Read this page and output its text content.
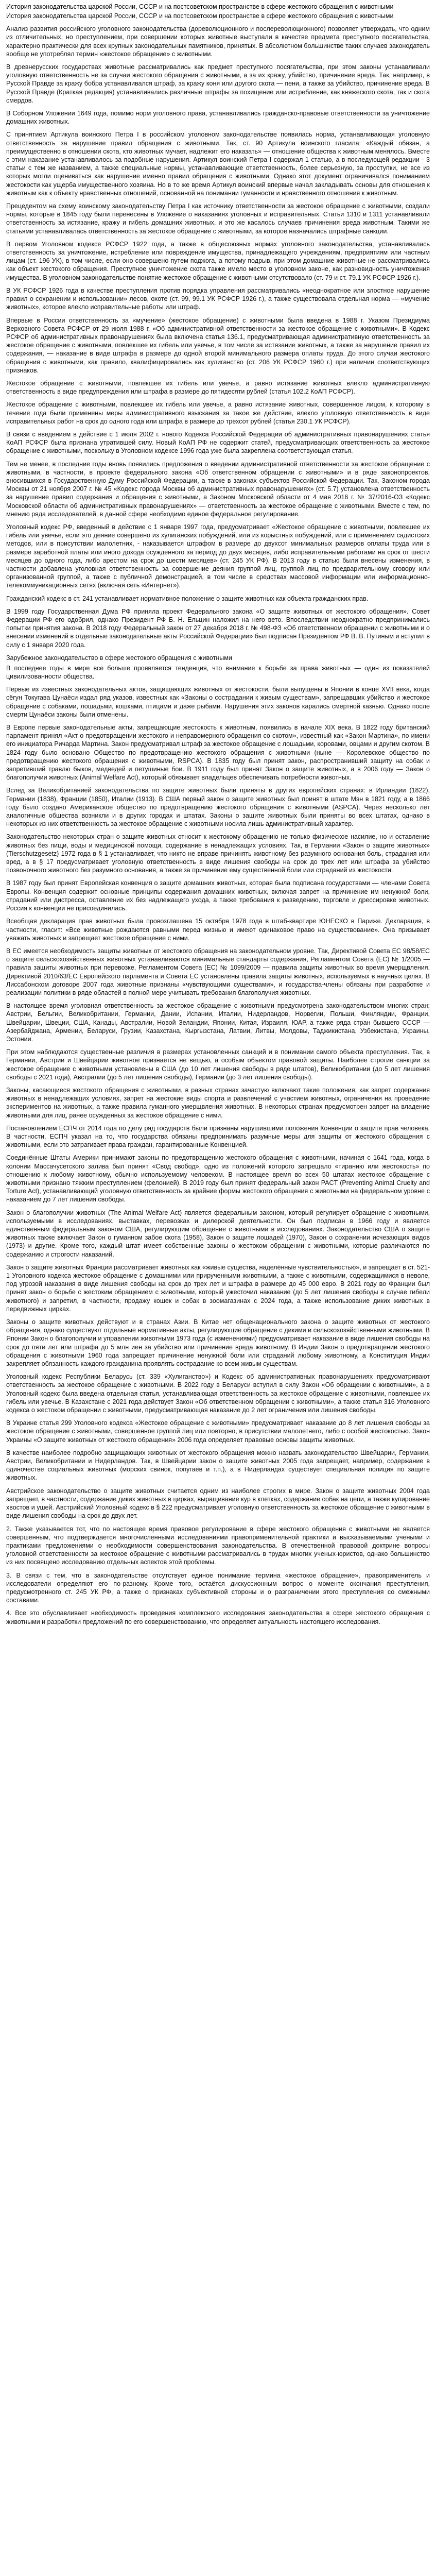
История законодательства царской России, СССР и на постсоветском пространстве в сфере жестокого обращения с животными

История законодательства царской России, СССР и на постсоветском пространстве в сфере жестокого обращения с животными

Анализ развития российского уголовного законодательства (дореволюционного и послереволюционного) позволяет утверждать, что одним из отличительных, но преступлением, при совершении которых животные выступали в качестве предмета преступного посягательства, характерно практически для всех крупных законодательных памятников, принятых. В абсолютном большинстве таких случаев законодатель вообще не употреблял термин «жестокое обращение» с животными.

В древнерусских государствах животные рассматривались как предмет преступного посягательства, при этом законы устанавливали уголовную ответственность не за случаи жестокого обращения с животными, а за их кражу, убийство, причинение вреда. Так, например, в Русской Правде за кражу бобра устанавливался штраф, за кражу коня или другого скота — пени, а также за убийство, причинение вреда. В Русской Правде (Краткая редакция) устанавливались различные штрафы за похищение или истребление, как княжеского скота, так и скота смердов.

В Соборном Уложении 1649 года, помимо норм уголовного права, устанавливались гражданско-правовые ответственности за уничтожение домашних животных.

С принятием Артикула воинского Петра I в российском уголовном законодательстве появилась норма, устанавливающая уголовную ответственность за нарушение правил обращения с животными. Так, ст. 90 Артикула воинского гласила: «Каждый обязан, а преимущественно в отношении скота, кто животных мучает, надлежит его наказать» — отношение общества к животным менялось. Вместе с этим наказание устанавливалось за подобные нарушения. Артикул воинский Петра I содержал 1 статью, а в последующей редакции - 3 статьи с тем же названием, а также специальные нормы, устанавливающие ответственность, более серьезную, за проступки, не все из которых могли оцениваться как нарушение именно правил обращения с животными. Однако этот документ ограничивался пониманием жестокости как ущерба имущественного хозяина. Но в то же время Артикул воинский впервые начал закладывать основы для отношения к животным как к объекту нравственных отношений, основанной на понимании гуманности и нравственного отношения к животным.

Прецедентом на схему воинскому законодательству Петра I как источнику ответственности за жестокое обращение с животными, создали нормы, которые в 1845 году были перенесены в Уложение о наказаниях уголовных и исправительных. Статьи 1310 и 1311 устанавливали ответственность за истязание, кражу и гибель домашних животных, и это же касалось случаев причинения вреда животным. Такими же статьями устанавливалась ответственность за жестокое обращение с животными, за которое назначались штрафные санкции.

В первом Уголовном кодексе РСФСР 1922 года, а также в общесоюзных нормах уголовного законодательства, устанавливалась ответственность за уничтожение, истребление или повреждение имущества, принадлежащего учреждениям, предприятиям или частным лицам (ст. 196 УК), в том числе, если оно совершено путем поджога, а потому подрыв, при этом домашние животные не рассматривались как объект жестокого обращения. Преступное уничтожение скота также имело место в уголовном законе, как разновидность уничтожения имущества. В уголовном законодательстве понятие жестокое обращение с животными отсутствовало (ст. 79 и ст. 79.1 УК РСФСР 1926 г.).

В УК РСФСР 1926 года в качестве преступления против порядка управления рассматривались «неоднократное или злостное нарушение правил о сохранении и использовании» лесов, охоте (ст. 99, 99.1 УК РСФСР 1926 г.), а также существовала отдельная норма — «мучение животных», которое влекло исправительные работы или штраф.

Впервые в России ответственность за «мучение» (жестокое обращение) с животными была введена в 1988 г. Указом Президиума Верховного Совета РСФСР от 29 июля 1988 г. «Об административной ответственности за жестокое обращение с животными». В Кодекс РСФСР об административных правонарушениях была включена статья 136.1, предусматривающая административную ответственность за жестокое обращение с животными, повлекшее их гибель или увечье, в том числе за истязание животных, а также за нарушение правил их содержания, — наказание в виде штрафа в размере до одной второй минимального размера оплаты труда. До этого случаи жестокого обращения с животными, как правило, квалифицировались как хулиганство (ст. 206 УК РСФСР 1960 г.) при наличии соответствующих признаков.

Жестокое обращение с животными, повлекшее их гибель или увечье, а равно истязание животных влекло административную ответственность в виде предупреждения или штрафа в размере до пятидесяти рублей (статья 102.2 КоАП РСФСР).

Жестокое обращение с животными, повлекшее их гибель или увечье, а равно истязание животных, совершенное лицом, к которому в течение года были применены меры административного взыскания за такое же действие, влекло уголовную ответственность в виде исправительных работ на срок до одного года или штрафа в размере до трехсот рублей (статья 230.1 УК РСФСР).

В связи с введением в действие с 1 июля 2002 г. нового Кодекса Российской Федерации об административных правонарушениях статья КоАП РСФСР была признана утратившей силу. Новый КоАП РФ не содержит статей, предусматривающих ответственность за жестокое обращение с животными, поскольку в Уголовном кодексе 1996 года уже была закреплена соответствующая статья.

Тем не менее, в последние годы вновь появились предложения о введении административной ответственности за жестокое обращение с животными, в частности, в проекте федерального закона «Об ответственном обращении с животными» и в ряде законопроектов, вносившихся в Государственную Думу Российской Федерации, а также в законах субъектов Российской Федерации. Так, Законом города Москвы от 21 ноября 2007 г. № 45 «Кодекс города Москвы об административных правонарушениях» (ст. 5.7) установлена ответственность за нарушение правил содержания и обращения с животными, а Законом Московской области от 4 мая 2016 г. № 37/2016-ОЗ «Кодекс Московской области об административных правонарушениях» — ответственность за жестокое обращение с животными. Вместе с тем, по мнению ряда исследователей, в данной сфере необходимо единое федеральное регулирование.

Уголовный кодекс РФ, введенный в действие с 1 января 1997 года, предусматривает «Жестокое обращение с животными, повлекшее их гибель или увечье, если это деяние совершено из хулиганских побуждений, или из корыстных побуждений, или с применением садистских методов, или в присутствии малолетних, - наказывается штрафом в размере до двухсот минимальных размеров оплаты труда или в размере заработной платы или иного дохода осужденного за период до двух месяцев, либо исправительными работами на срок от шести месяцев до одного года, либо арестом на срок до шести месяцев» (ст. 245 УК РФ). В 2013 году в статью были внесены изменения, в частности добавлена уголовная ответственность за совершение деяния группой лиц, группой лиц по предварительному сговору или организованной группой, а также с публичной демонстрацией, в том числе в средствах массовой информации или информационно-телекоммуникационных сетях (включая сеть «Интернет»).

Гражданский кодекс в ст. 241 устанавливает нормативное положение о защите животных как объекта гражданских прав.

В 1999 году Государственная Дума РФ приняла проект Федерального закона «О защите животных от жестокого обращения». Совет Федерации РФ его одобрил, однако Президент РФ Б. Н. Ельцин наложил на него вето. Впоследствии неоднократно предпринимались попытки принятия закона. В 2018 году Федеральный закон от 27 декабря 2018 г. № 498-ФЗ «Об ответственном обращении с животными и о внесении изменений в отдельные законодательные акты Российской Федерации» был подписан Президентом РФ В. В. Путиным и вступил в силу с 1 января 2020 года.

Зарубежное законодательство в сфере жестокого обращения с животными

В последнее годы в мире все больше проявляется тенденция, что внимание к борьбе за права животных — один из показателей цивилизованности общества.

Первые из известных законодательных актов, защищающих животных от жестокости, были выпущены в Японии в конце XVII века, когда сёгун Токугава Цунаёси издал ряд указов, известных как «Законы о сострадании к живым существам», запрещавших убийство и жестокое обращение с собаками, лошадьми, кошками, птицами и даже рыбами. Нарушения этих законов карались смертной казнью. Однако после смерти Цунаёси законы были отменены.

В Европе первые законодательные акты, запрещающие жестокость к животным, появились в начале XIX века. В 1822 году британский парламент принял «Акт о предотвращении жестокого и неправомерного обращения со скотом», известный как «Закон Мартина», по имени его инициатора Ричарда Мартина. Закон предусматривал штраф за жестокое обращение с лошадьми, коровами, овцами и другим скотом. В 1824 году было основано Общество по предотвращению жестокого обращения с животными (ныне — Королевское общество по предотвращению жестокого обращения с животными, RSPCA). В 1835 году был принят закон, распространивший защиту на собак и запретивший травлю быков, медведей и петушиные бои. В 1911 году был принят Закон о защите животных, а в 2006 году — Закон о благополучии животных (Animal Welfare Act), который обязывает владельцев обеспечивать потребности животных.

Вслед за Великобританией законодательства по защите животных были приняты в других европейских странах: в Ирландии (1822), Германии (1838), Франции (1850), Италии (1913). В США первый закон о защите животных был принят в штате Мэн в 1821 году, а в 1866 году было создано Американское общество по предотвращению жестокого обращения с животными (ASPCA). Через несколько лет аналогичные общества возникли и в других городах и штатах. Законы о защите животных были приняты во всех штатах, однако в некоторых из них ответственность за жестокое обращение с животными носила лишь административный характер.

Законодательство некоторых стран о защите животных относит к жестокому обращению не только физическое насилие, но и оставление животных без пищи, воды и медицинской помощи, содержание в ненадлежащих условиях. Так, в Германии «Закон о защите животных» (Tierschutzgesetz) 1972 года в § 1 устанавливает, что никто не вправе причинять животному без разумного основания боль, страдания или вред, а в § 17 предусматривает уголовную ответственность в виде лишения свободы на срок до трех лет или штрафа за убийство позвоночного животного без разумного основания, а также за причинение ему существенной боли или страданий из жестокости.

В 1987 году был принят Европейская конвенция о защите домашних животных, которая была подписана государствами — членами Совета Европы. Конвенция содержит основные принципы содержания домашних животных, включая запрет на причинение им ненужной боли, страданий или дистресса, оставление их без надлежащего ухода, а также требования к разведению, торговле и дрессировке животных. Россия к конвенции не присоединилась.

Всеобщая декларация прав животных была провозглашена 15 октября 1978 года в штаб-квартире ЮНЕСКО в Париже. Декларация, в частности, гласит: «Все животные рождаются равными перед жизнью и имеют одинаковое право на существование». Она призывает уважать животных и запрещает жестокое обращение с ними.

В ЕС имеется необходимость защиты животных от жестокого обращения на законодательном уровне. Так, Директивой Совета ЕС 98/58/ЕС о защите сельскохозяйственных животных устанавливаются минимальные стандарты содержания, Регламентом Совета (ЕС) № 1/2005 — правила защиты животных при перевозке, Регламентом Совета (ЕС) № 1099/2009 — правила защиты животных во время умерщвления. Директивой 2010/63/ЕС Европейского парламента и Совета ЕС установлены правила защиты животных, используемых в научных целях. В Лиссабонском договоре 2007 года животные признаны «чувствующими существами», и государства-члены обязаны при разработке и реализации политики в ряде областей в полной мере учитывать требования благополучия животных.

В настоящее время уголовная ответственность за жестокое обращение с животными предусмотрена законодательством многих стран: Австрии, Бельгии, Великобритании, Германии, Дании, Испании, Италии, Нидерландов, Норвегии, Польши, Финляндии, Франции, Швейцарии, Швеции, США, Канады, Австралии, Новой Зеландии, Японии, Китая, Израиля, ЮАР, а также ряда стран бывшего СССР — Азербайджана, Армении, Беларуси, Грузии, Казахстана, Кыргызстана, Латвии, Литвы, Молдовы, Таджикистана, Узбекистана, Украины, Эстонии.

При этом наблюдаются существенные различия в размерах установленных санкций и в понимании самого объекта преступления. Так, в Германии, Австрии и Швейцарии животное признается не вещью, а особым объектом правовой защиты. Наиболее строгие санкции за жестокое обращение с животными установлены в США (до 10 лет лишения свободы в ряде штатов), Великобритании (до 5 лет лишения свободы с 2021 года), Австралии (до 5 лет лишения свободы), Германии (до 3 лет лишения свободы).

Законы, касающиеся жестокого обращения с животными, в разных странах зачастую включают такие положения, как запрет содержания животных в ненадлежащих условиях, запрет на жестокие виды спорта и развлечений с участием животных, ограничения на проведение экспериментов на животных, а также правила гуманного умерщвления животных. В некоторых странах предусмотрен запрет на владение животными для лиц, ранее осужденных за жестокое обращение с ними.

Постановлением ЕСПЧ от 2014 года по делу ряд государств были признаны нарушившими положения Конвенции о защите прав человека. В частности, ЕСПЧ указал на то, что государства обязаны предпринимать разумные меры для защиты от жестокого обращения с животными, если это затрагивает права граждан, гарантированные Конвенцией.

Соединённые Штаты Америки принимают законы по предотвращению жестокого обращения с животными, начиная с 1641 года, когда в колонии Массачусетского залива был принят «Свод свобод», одно из положений которого запрещало «тиранию или жестокость» по отношению к любому животному, обычно используемому человеком. В настоящее время во всех 50 штатах жестокое обращение с животными признано тяжким преступлением (фелонией). В 2019 году был принят федеральный закон PACT (Preventing Animal Cruelty and Torture Act), устанавливающий уголовную ответственность за крайние формы жестокого обращения с животными на федеральном уровне с наказанием до 7 лет лишения свободы.

Закон о благополучии животных (The Animal Welfare Act) является федеральным законом, который регулирует обращение с животными, используемыми в исследованиях, выставках, перевозках и дилерской деятельности. Он был подписан в 1966 году и является единственным федеральным законом США, регулирующим обращение с животными в исследованиях. Законодательство США о защите животных также включает Закон о гуманном забое скота (1958), Закон о защите лошадей (1970), Закон о сохранении исчезающих видов (1973) и другие. Кроме того, каждый штат имеет собственные законы о жестоком обращении с животными, которые различаются по содержанию и строгости наказаний.

Закон о защите животных Франции рассматривает животных как «живые существа, наделённые чувствительностью», и запрещает в ст. 521-1 Уголовного кодекса жестокое обращение с домашними или прирученными животными, а также с животными, содержащимися в неволе, под угрозой наказания в виде лишения свободы на срок до трех лет и штрафа в размере до 45 000 евро. В 2021 году во Франции был принят закон о борьбе с жестоким обращением с животными, который ужесточил наказание (до 5 лет лишения свободы в случае гибели животного) и запретил, в частности, продажу кошек и собак в зоомагазинах с 2024 года, а также использование диких животных в передвижных цирках.

Законы о защите животных действуют и в странах Азии. В Китае нет общенационального закона о защите животных от жестокого обращения, однако существуют отдельные нормативные акты, регулирующие обращение с дикими и сельскохозяйственными животными. В Японии Закон о благополучии и управлении животными 1973 года (с изменениями) предусматривает наказание в виде лишения свободы на срок до пяти лет или штрафа до 5 млн иен за убийство или причинение вреда животному. В Индии Закон о предотвращении жестокого обращения с животными 1960 года запрещает причинение ненужной боли или страданий любому животному, а Конституция Индии закрепляет обязанность каждого гражданина проявлять сострадание ко всем живым существам.

Уголовный кодекс Республики Беларусь (ст. 339 «Хулиганство») и Кодекс об административных правонарушениях предусматривают ответственность за жестокое обращение с животными. В 2022 году в Беларуси вступил в силу Закон «Об обращении с животными», а в Уголовный кодекс была введена отдельная статья, устанавливающая ответственность за жестокое обращение с животными, повлекшее их гибель или увечье. В Казахстане с 2021 года действует Закон «Об ответственном обращении с животными», а также статья 316 Уголовного кодекса о жестоком обращении с животными, предусматривающая наказание до 2 лет ограничения или лишения свободы.

В Украине статья 299 Уголовного кодекса «Жестокое обращение с животными» предусматривает наказание до 8 лет лишения свободы за жестокое обращение с животными, совершенное группой лиц или повторно, в присутствии малолетнего, либо с особой жестокостью. Закон Украины «О защите животных от жестокого обращения» 2006 года определяет правовые основы защиты животных.

В качестве наиболее подробно защищающих животных от жестокого обращения можно назвать законодательство Швейцарии, Германии, Австрии, Великобритании и Нидерландов. Так, в Швейцарии закон о защите животных 2005 года запрещает, например, содержание в одиночестве социальных животных (морских свинок, попугаев и т.п.), а в Нидерландах существует специальная полиция по защите животных.

Австрийское законодательство о защите животных считается одним из наиболее строгих в мире. Закон о защите животных 2004 года запрещает, в частности, содержание диких животных в цирках, выращивание кур в клетках, содержание собак на цепи, а также купирование хвостов и ушей. Австрийский Уголовный кодекс в § 222 предусматривает уголовную ответственность за жестокое обращение с животными в виде лишения свободы на срок до двух лет.

2. Также указывается тот, что по настоящее время правовое регулирование в сфере жестокого обращения с животными не является совершенным, что подтверждается многочисленными исследованиями правоприменительной практики и высказываемыми учеными и практиками предложениями о необходимости совершенствования законодательства. В отечественной правовой доктрине вопросы уголовной ответственности за жестокое обращение с животными рассматривались в трудах многих ученых-юристов, однако большинство из них посвящено исследованию отдельных аспектов этой проблемы.

3. В связи с тем, что в законодательстве отсутствует единое понимание термина «жестокое обращение», правоприменитель и исследователи определяют его по-разному. Кроме того, остаётся дискуссионным вопрос о моменте окончания преступления, предусмотренного ст. 245 УК РФ, а также о признаках субъективной стороны и о разграничении этого преступления со смежными составами.

4. Все это обуславливает необходимость проведения комплексного исследования законодательства в сфере жестокого обращения с животными и разработки предложений по его совершенствованию, что определяет актуальность настоящего исследования.
